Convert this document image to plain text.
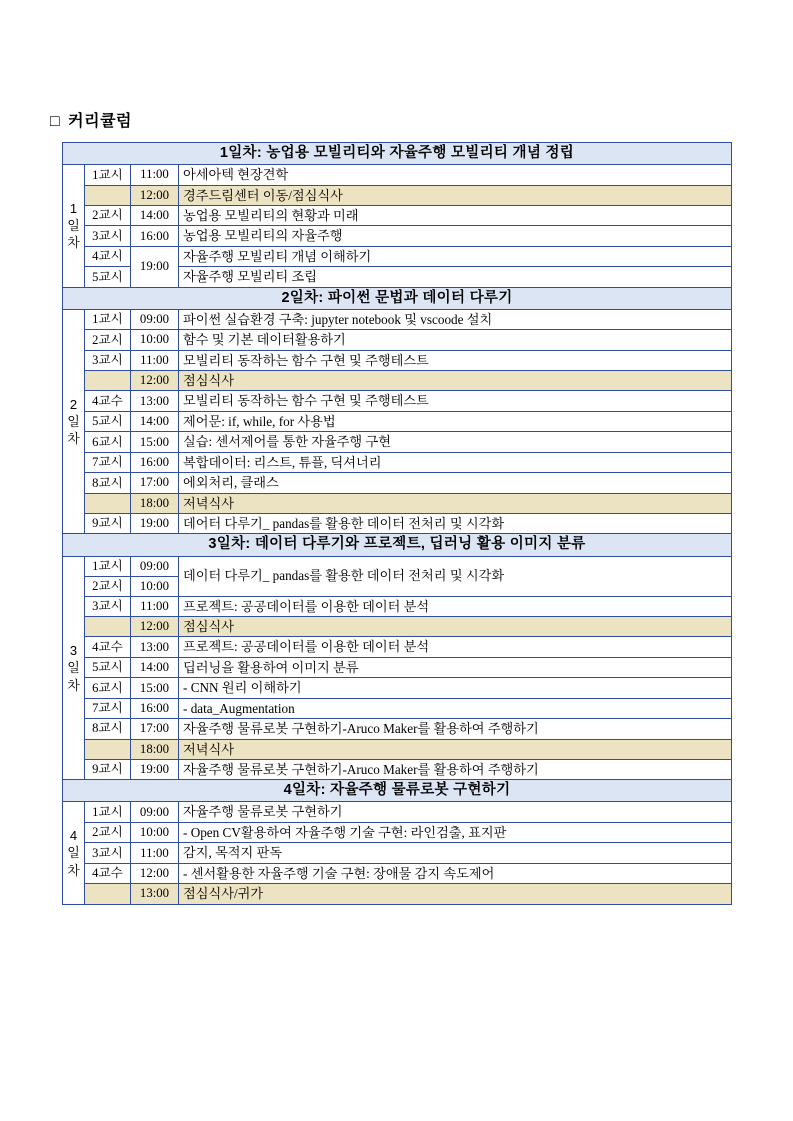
□ 커리큘럼
1일차: 농업용 모빌리티와 자율주행 모빌리티 개념 정립			

1
일
차	1교시	11:00	아세아텍 현장견학
		12:00	경주드림센터 이동/점심식사
	2교시	14:00	농업용 모빌리티의 현황과 미래
	3교시	16:00	농업용 모빌리티의 자율주행
	4교시	19:00	자율주행 모빌리티 개념 이해하기
	5교시		자율주행 모빌리티 조립
2일차: 파이썬 문법과 데이터 다루기			

2
일
차	1교시	09:00	파이썬 실습환경 구축: jupyter notebook 및 vscoode 설치
	2교시	10:00	함수 및 기본 데이터활용하기
	3교시	11:00	모빌리티 동작하는 함수 구현 및 주행테스트
		12:00	점심식사
	4교수	13:00	모빌리티 동작하는 함수 구현 및 주행테스트
	5교시	14:00	제어문: if, while, for 사용법
	6교시	15:00	실습: 센서제어를 통한 자율주행 구현
	7교시	16:00	복합데이터: 리스트, 튜플, 딕셔너리
	8교시	17:00	에외처리, 클래스
		18:00	저녁식사
	9교시	19:00	데어터 다루기_ pandas를 활용한 데이터 전처리 및 시각화
3일차: 데이터 다루기와 프로젝트, 딥러닝 활용 이미지 분류			

3
일
차	1교시	09:00	데이터 다루기_ pandas를 활용한 데이터 전처리 및 시각화
	2교시	10:00	
	3교시	11:00	프로젝트: 공공데이터를 이용한 데이터 분석
		12:00	점심식사
	4교수	13:00	프로젝트: 공공데이터를 이용한 데이터 분석
	5교시	14:00	딥러닝을 활용하여 이미지 분류
	6교시	15:00	- CNN 원리 이해하기
	7교시	16:00	- data_Augmentation
	8교시	17:00	자율주행 물류로봇 구현하기-Aruco Maker를 활용하여 주행하기
		18:00	저녁식사
	9교시	19:00	자율주행 물류로봇 구현하기-Aruco Maker를 활용하여 주행하기
4일차: 자율주행 물류로봇 구현하기			

4
일
차	1교시	09:00	자율주행 물류로봇 구현하기
	2교시	10:00	- Open CV활용하여 자율주행 기술 구현: 라인검출, 표지판
	3교시	11:00	감지, 목적지 판독
	4교수	12:00	- 센서활용한 자율주행 기술 구현: 장애물 감지 속도제어
		13:00	점심식사/귀가
